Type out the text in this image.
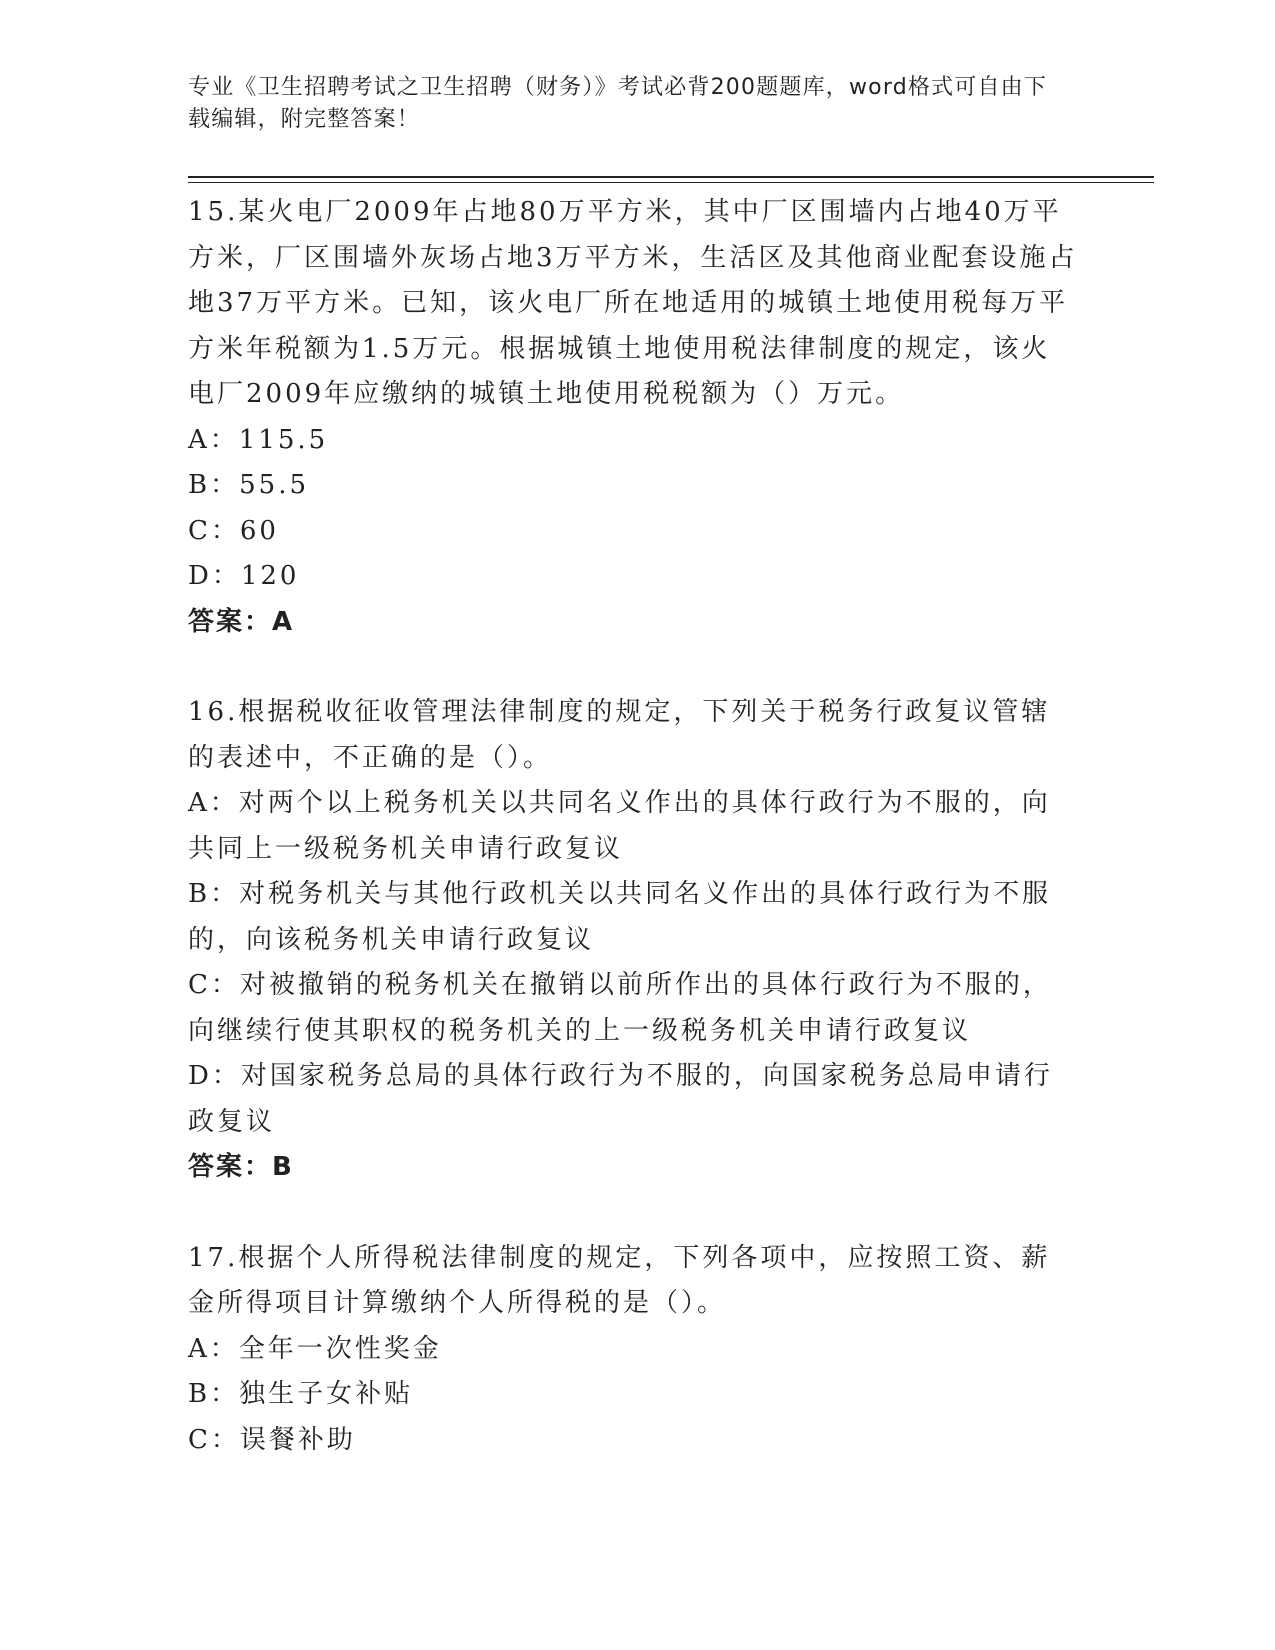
专业《卫生招聘考试之卫生招聘（财务）》考试必背200题题库，word格式可自由下载编辑，附完整答案！

15.某火电厂2009年占地80万平方米，其中厂区围墙内占地40万平方米，厂区围墙外灰场占地3万平方米，生活区及其他商业配套设施占地37万平方米。已知，该火电厂所在地适用的城镇土地使用税每万平方米年税额为1.5万元。根据城镇土地使用税法律制度的规定，该火电厂2009年应缴纳的城镇土地使用税税额为（）万元。

A：115.5

B：55.5

C：60

D：120

答案：A

16.根据税收征收管理法律制度的规定，下列关于税务行政复议管辖的表述中，不正确的是（）。

A：对两个以上税务机关以共同名义作出的具体行政行为不服的，向共同上一级税务机关申请行政复议

B：对税务机关与其他行政机关以共同名义作出的具体行政行为不服的，向该税务机关申请行政复议

C：对被撤销的税务机关在撤销以前所作出的具体行政行为不服的，向继续行使其职权的税务机关的上一级税务机关申请行政复议

D：对国家税务总局的具体行政行为不服的，向国家税务总局申请行政复议

答案：B

17.根据个人所得税法律制度的规定，下列各项中，应按照工资、薪金所得项目计算缴纳个人所得税的是（）。

A：全年一次性奖金

B：独生子女补贴

C：误餐补助
